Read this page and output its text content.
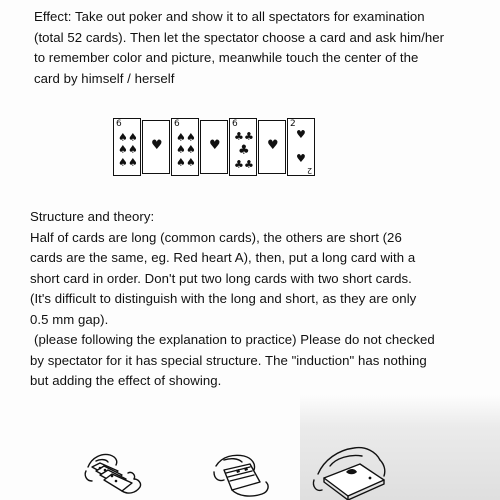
Effect: Take out poker and show it to all spectators for examination
(total 52 cards). Then let the spectator choose a card and ask him/her
to remember color and picture, meanwhile touch the center of the
card by himself / herself
6
♠ ♠
♠ ♠
♠ ♠
♥
6
♠ ♠
♠ ♠
♠ ♠
♥
6
♣ ♣
♣
♣ ♣
♥
2
♥
♥
2
Structure and theory:
Half of cards are long (common cards), the others are short (26
cards are the same, eg. Red heart A), then, put a long card with a
short card in order. Don't put two long cards with two short cards.
(It's difficult to distinguish with the long and short, as they are only
0.5 mm gap).
(please following the explanation to practice) Please do not checked
by spectator for it has special structure. The "induction" has nothing
but adding the effect of showing.
